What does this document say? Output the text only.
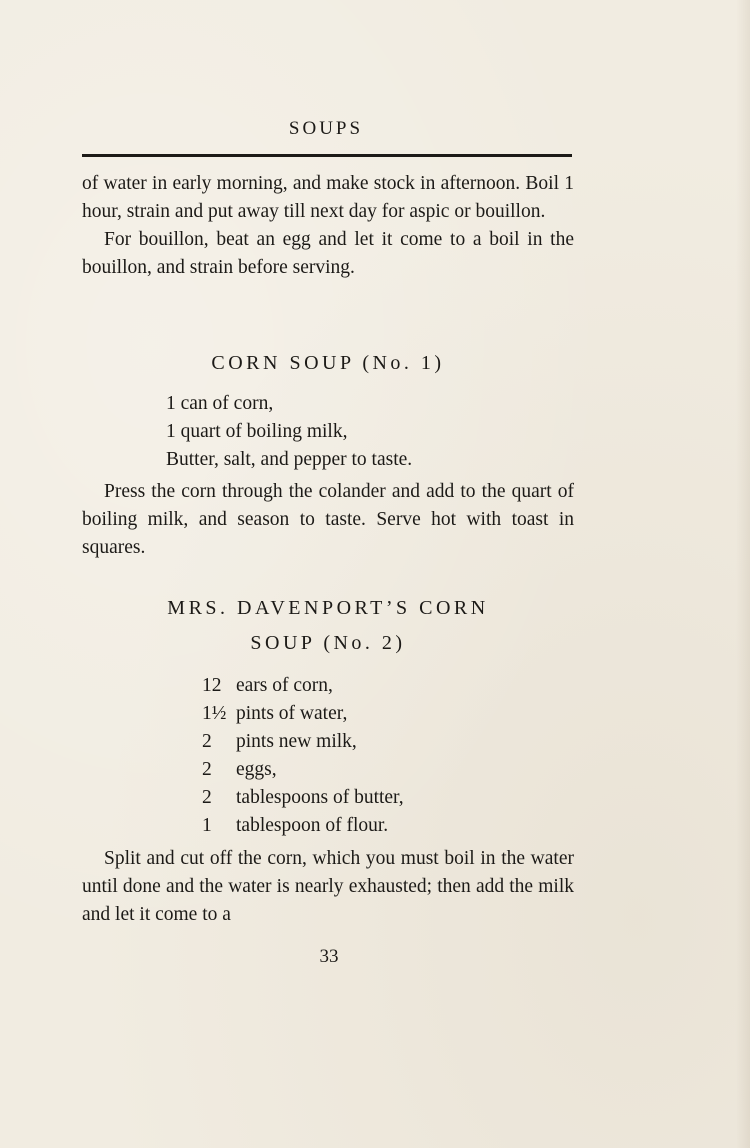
SOUPS

of water in early morning, and make stock in afternoon. Boil 1 hour, strain and put away till next day for aspic or bouillon.

For bouillon, beat an egg and let it come to a boil in the bouillon, and strain before serving.

CORN SOUP (No. 1)
1 can of corn,
1 quart of boiling milk,
Butter, salt, and pepper to taste.

Press the corn through the colander and add to the quart of boiling milk, and season to taste. Serve hot with toast in squares.

MRS. DAVENPORT’S CORN
SOUP (No. 2)
12 ears of corn,
1½ pints of water,
2 pints new milk,
2 eggs,
2 tablespoons of butter,
1 tablespoon of flour.

Split and cut off the corn, which you must boil in the water until done and the water is nearly exhausted; then add the milk and let it come to a

33
